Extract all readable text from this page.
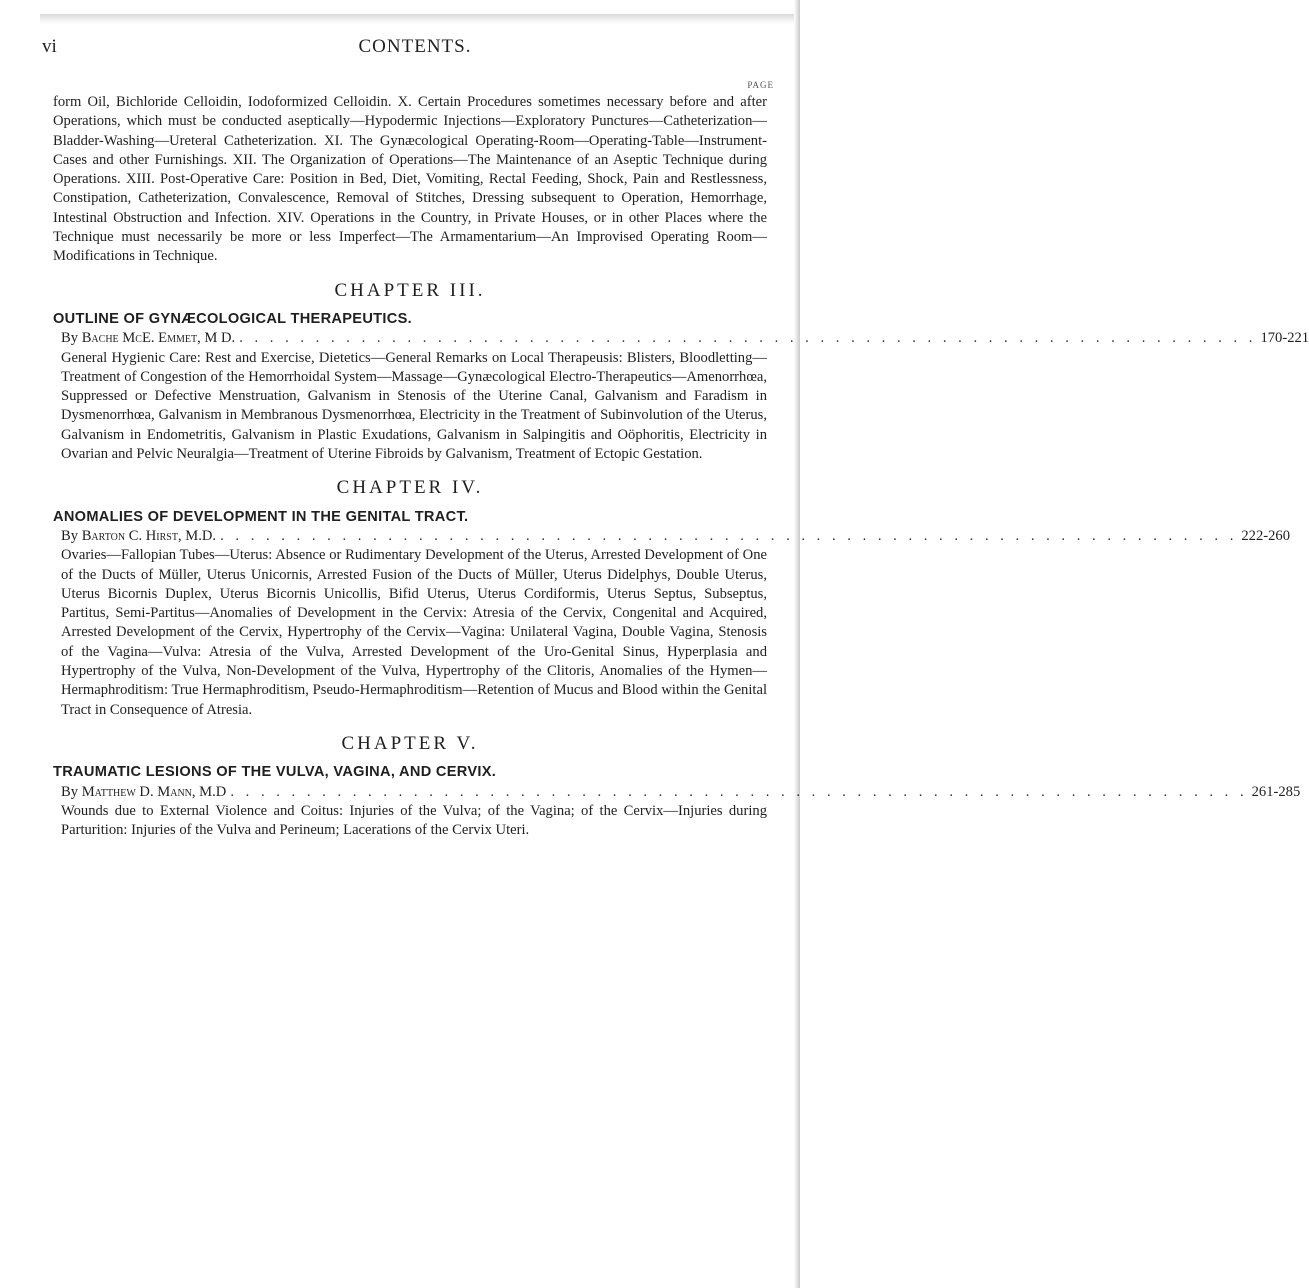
vi	CONTENTS.
PAGE

form Oil, Bichloride Celloidin, Iodoformized Celloidin. X. Certain Procedures sometimes necessary before and after Operations, which must be conducted aseptically—Hypodermic Injections—Exploratory Punctures—Catheterization—Bladder-Washing—Ureteral Catheterization. XI. The Gynæcological Operating-Room—Operating-Table—Instrument-Cases and other Furnishings. XII. The Organization of Operations—The Maintenance of an Aseptic Technique during Operations. XIII. Post-Operative Care: Position in Bed, Diet, Vomiting, Rectal Feeding, Shock, Pain and Restlessness, Constipation, Catheterization, Convalescence, Removal of Stitches, Dressing subsequent to Operation, Hemorrhage, Intestinal Obstruction and Infection. XIV. Operations in the Country, in Private Houses, or in other Places where the Technique must necessarily be more or less Imperfect—The Armamentarium—An Improvised Operating Room—Modifications in Technique.

CHAPTER III.

OUTLINE OF GYNÆCOLOGICAL THERAPEUTICS.

By Bache McE. Emmet, M D. . . . . . . . . . . . . . . . . . . . . . . . . . . . . . . . . . . . . . . . . . . . . . . . . . . . . . . . . . . . . . . . . . . . 170-221

General Hygienic Care: Rest and Exercise, Dietetics—General Remarks on Local Therapeusis: Blisters, Bloodletting—Treatment of Congestion of the Hemorrhoidal System—Massage—Gynæcological Electro-Therapeutics—Amenorrhœa, Suppressed or Defective Menstruation, Galvanism in Stenosis of the Uterine Canal, Galvanism and Faradism in Dysmenorrhœa, Galvanism in Membranous Dysmenorrhœa, Electricity in the Treatment of Subinvolution of the Uterus, Galvanism in Endometritis, Galvanism in Plastic Exudations, Galvanism in Salpingitis and Oöphoritis, Electricity in Ovarian and Pelvic Neuralgia—Treatment of Uterine Fibroids by Galvanism, Treatment of Ectopic Gestation.

CHAPTER IV.

ANOMALIES OF DEVELOPMENT IN THE GENITAL TRACT.

By Barton C. Hirst, M.D. . . . . . . . . . . . . . . . . . . . . . . . . . . . . . . . . . . . . . . . . . . . . . . . . . . . . . . . . . . . . . . . . . . . 222-260

Ovaries—Fallopian Tubes—Uterus: Absence or Rudimentary Development of the Uterus, Arrested Development of One of the Ducts of Müller, Uterus Unicornis, Arrested Fusion of the Ducts of Müller, Uterus Didelphys, Double Uterus, Uterus Bicornis Duplex, Uterus Bicornis Unicollis, Bifid Uterus, Uterus Cordiformis, Uterus Septus, Subseptus, Partitus, Semi-Partitus—Anomalies of Development in the Cervix: Atresia of the Cervix, Congenital and Acquired, Arrested Development of the Cervix, Hypertrophy of the Cervix—Vagina: Unilateral Vagina, Double Vagina, Stenosis of the Vagina—Vulva: Atresia of the Vulva, Arrested Development of the Uro-Genital Sinus, Hyperplasia and Hypertrophy of the Vulva, Non-Development of the Vulva, Hypertrophy of the Clitoris, Anomalies of the Hymen—Hermaphroditism: True Hermaphroditism, Pseudo-Hermaphroditism—Retention of Mucus and Blood within the Genital Tract in Consequence of Atresia.

CHAPTER V.

TRAUMATIC LESIONS OF THE VULVA, VAGINA, AND CERVIX.

By Matthew D. Mann, M.D . . . . . . . . . . . . . . . . . . . . . . . . . . . . . . . . . . . . . . . . . . . . . . . . . . . . . . . . . . . . . . . . . . . 261-285

Wounds due to External Violence and Coitus: Injuries of the Vulva; of the Vagina; of the Cervix—Injuries during Parturition: Injuries of the Vulva and Perineum; Lacerations of the Cervix Uteri.
